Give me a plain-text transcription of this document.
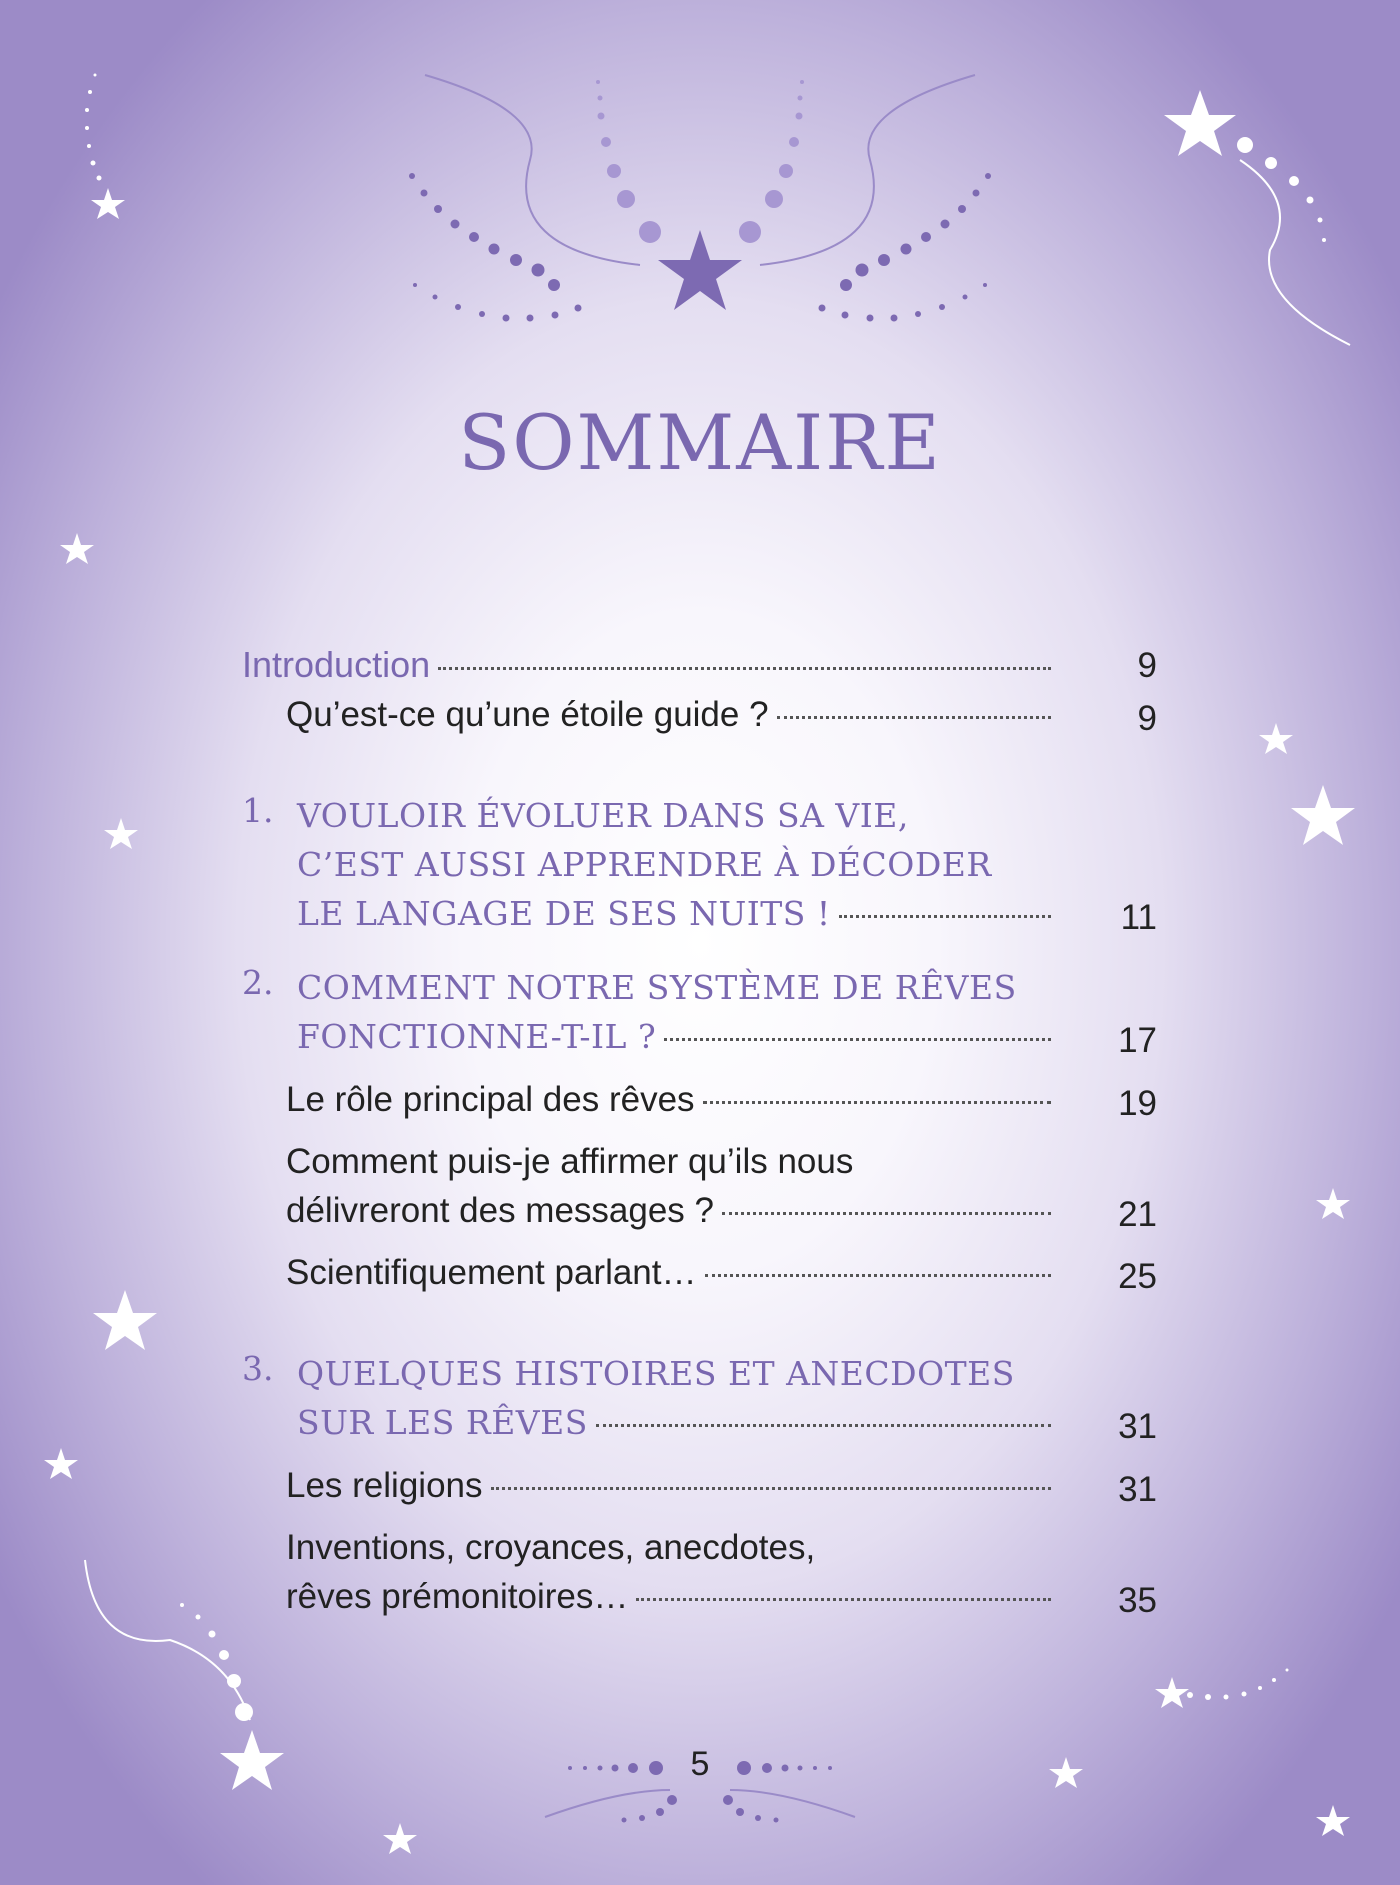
SOMMAIRE
Introduction	9
Qu’est-ce qu’une étoile guide ?	9
1. VOULOIR ÉVOLUER DANS SA VIE,
C’EST AUSSI APPRENDRE À DÉCODER
LE LANGAGE DE SES NUITS !	11
2. COMMENT NOTRE SYSTÈME DE RÊVES
FONCTIONNE-T-IL ?	17
Le rôle principal des rêves	19
Comment puis-je affirmer qu’ils nous
délivreront des messages ?	21
Scientifiquement parlant…	25
3. QUELQUES HISTOIRES ET ANECDOTES
SUR LES RÊVES	31
Les religions	31
Inventions, croyances, anecdotes,
rêves prémonitoires…	35
5
